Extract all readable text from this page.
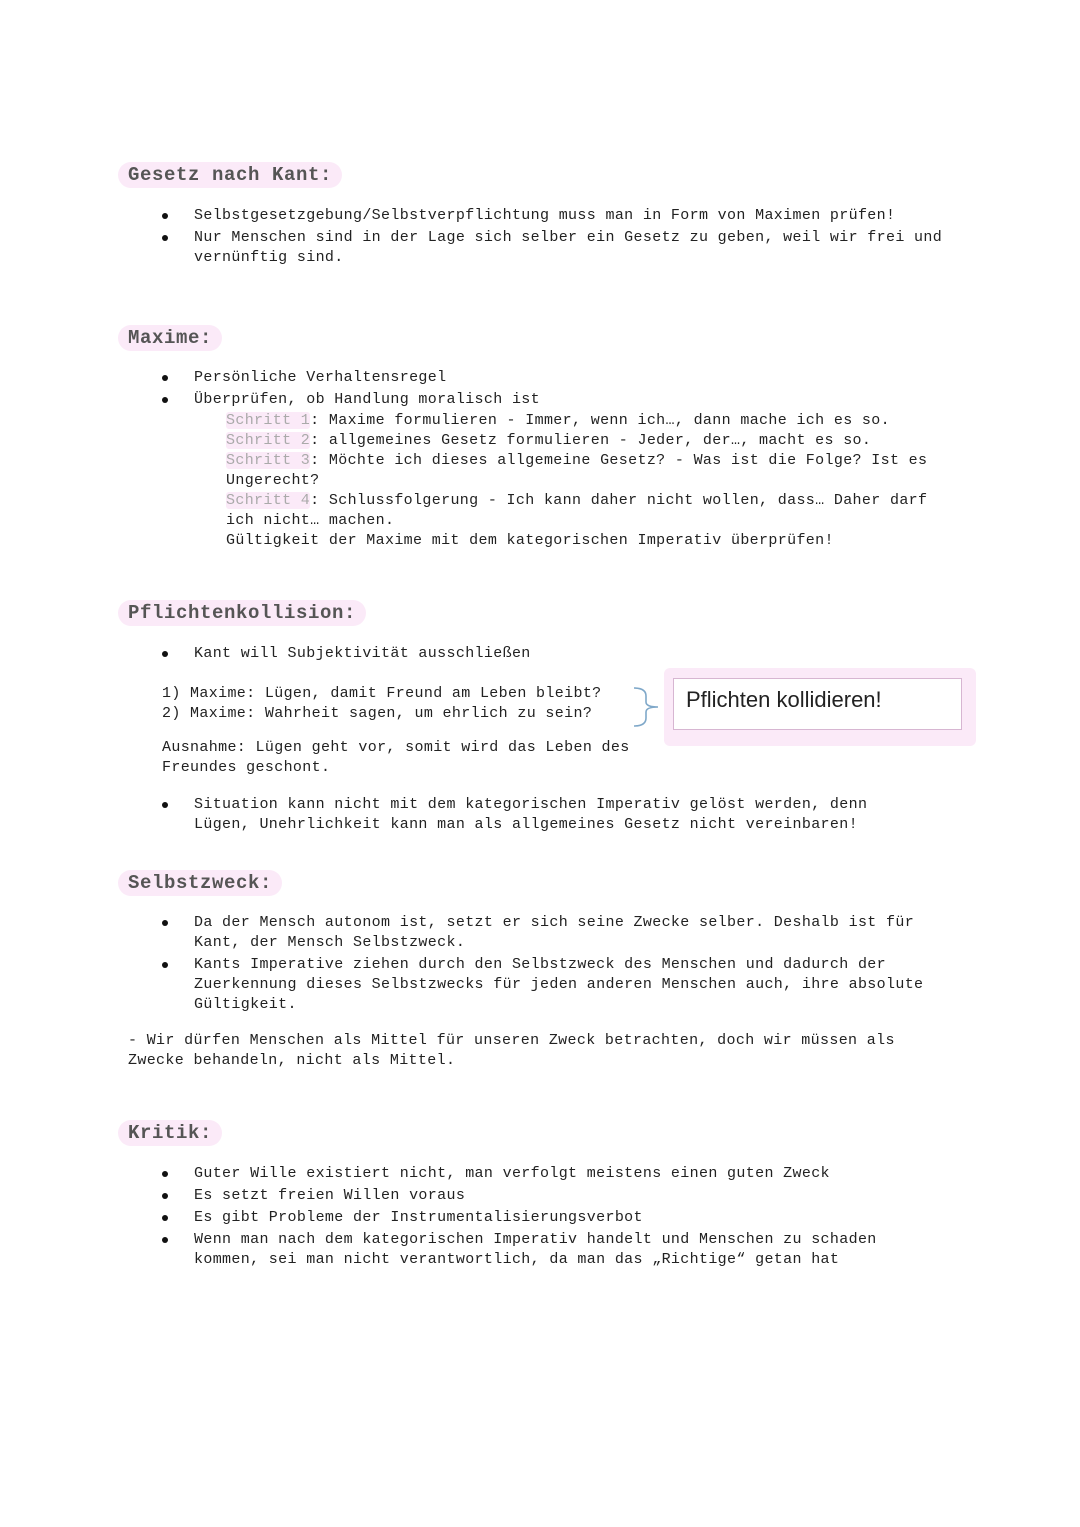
Gesetz nach Kant:
Selbstgesetzgebung/Selbstverpflichtung muss man in Form von Maximen prüfen!
Nur Menschen sind in der Lage sich selber ein Gesetz zu geben, weil wir frei und vernünftig sind.
Maxime:
Persönliche Verhaltensregel
Überprüfen, ob Handlung moralisch ist
Schritt 1: Maxime formulieren - Immer, wenn ich…, dann mache ich es so.
Schritt 2: allgemeines Gesetz formulieren - Jeder, der…, macht es so.
Schritt 3: Möchte ich dieses allgemeine Gesetz? - Was ist die Folge? Ist es Ungerecht?
Schritt 4: Schlussfolgerung - Ich kann daher nicht wollen, dass… Daher darf ich nicht… machen.
Gültigkeit der Maxime mit dem kategorischen Imperativ überprüfen!
Pflichtenkollision:
Kant will Subjektivität ausschließen
1) Maxime: Lügen, damit Freund am Leben bleibt?
2) Maxime: Wahrheit sagen, um ehrlich zu sein?
Pflichten kollidieren!
Ausnahme: Lügen geht vor, somit wird das Leben des Freundes geschont.
Situation kann nicht mit dem kategorischen Imperativ gelöst werden, denn Lügen, Unehrlichkeit kann man als allgemeines Gesetz nicht vereinbaren!
Selbstzweck:
Da der Mensch autonom ist, setzt er sich seine Zwecke selber. Deshalb ist für Kant, der Mensch Selbstzweck.
Kants Imperative ziehen durch den Selbstzweck des Menschen und dadurch der Zuerkennung dieses Selbstzwecks für jeden anderen Menschen auch, ihre absolute Gültigkeit.
- Wir dürfen Menschen als Mittel für unseren Zweck betrachten, doch wir müssen als Zwecke behandeln, nicht als Mittel.
Kritik:
Guter Wille existiert nicht, man verfolgt meistens einen guten Zweck
Es setzt freien Willen voraus
Es gibt Probleme der Instrumentalisierungsverbot
Wenn man nach dem kategorischen Imperativ handelt und Menschen zu schaden kommen, sei man nicht verantwortlich, da man das „Richtige“ getan hat
